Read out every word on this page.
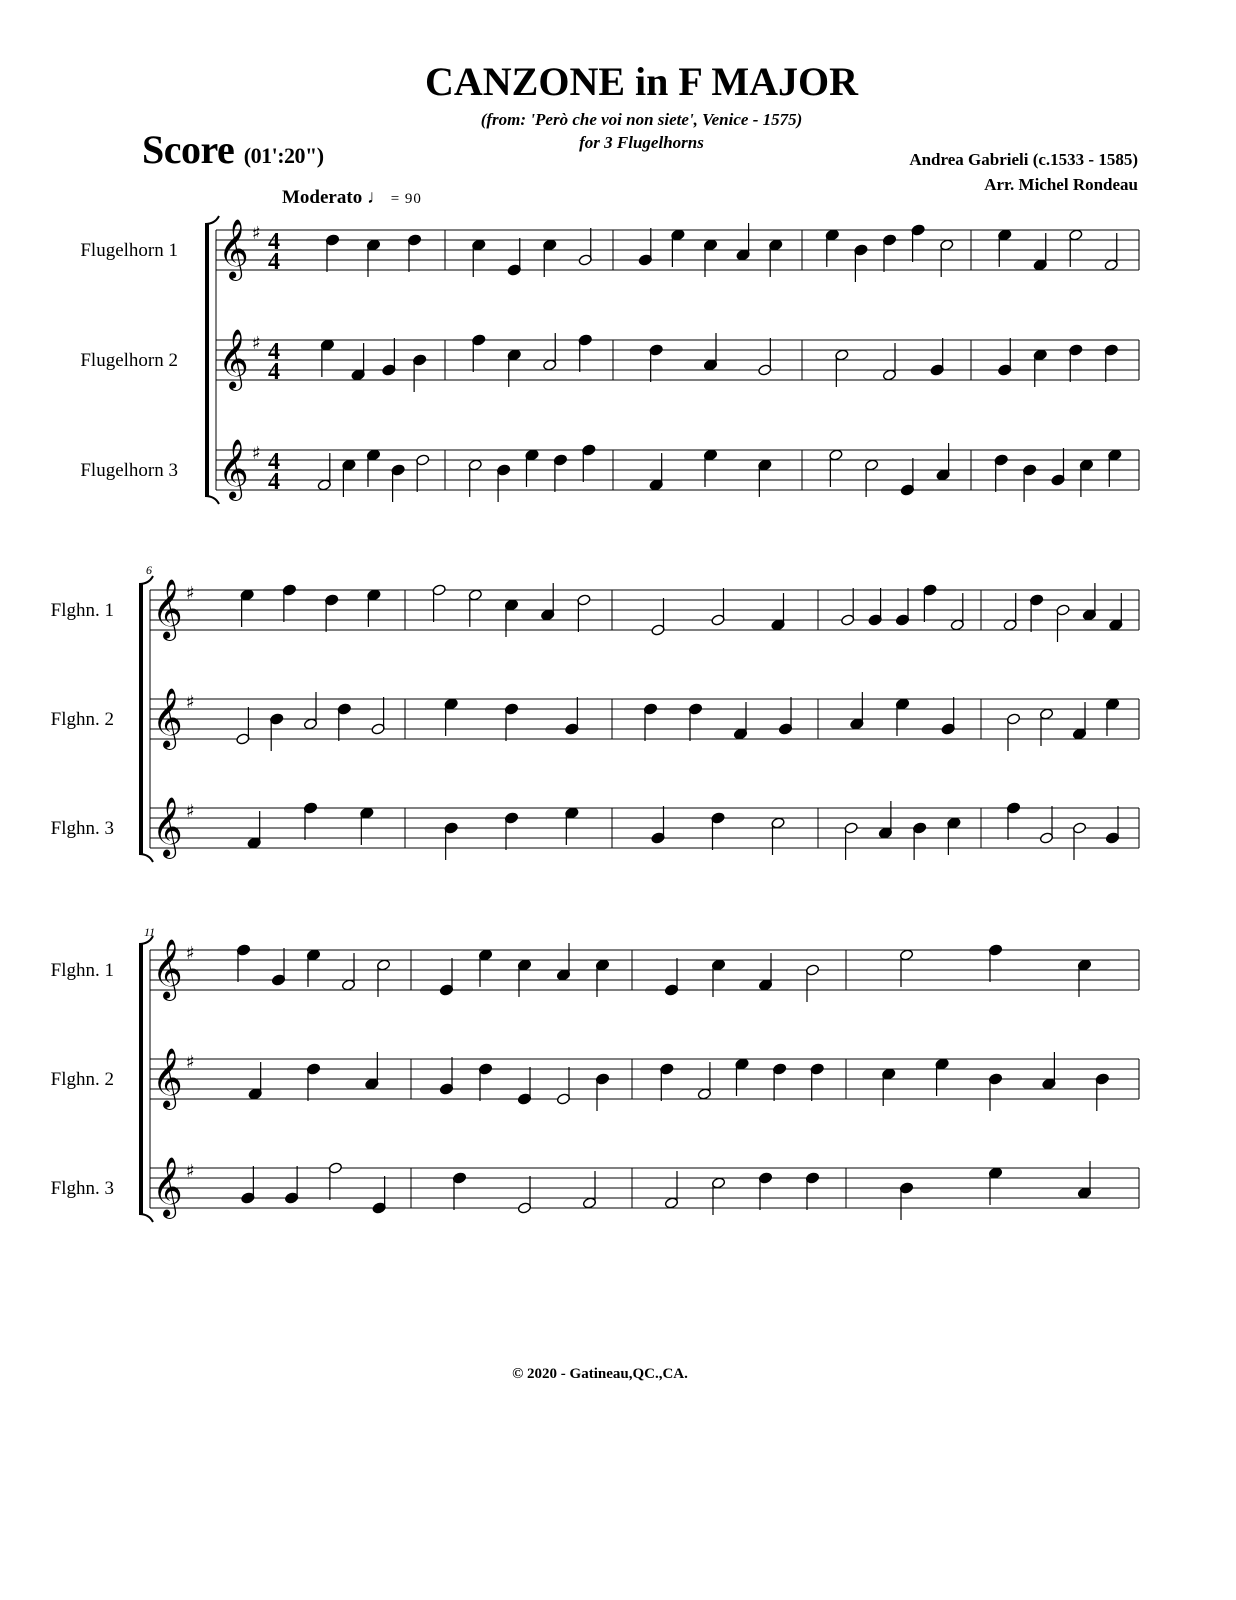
CANZONE in F MAJOR
(from: 'Però che voi non siete', Venice - 1575)
for 3 Flugelhorns
Score (01':20")	Andrea Gabrieli (c.1533 - 1585)
Arr. Michel Rondeau
Moderato ♩ = 90
Flugelhorn 1
Flugelhorn 2
Flugelhorn 3
6
Flghn. 1
Flghn. 2
Flghn. 3
11
Flghn. 1
Flghn. 2
Flghn. 3
𝄞 ♯ 4
4
𝄞 ♯ 4
4
𝄞 ♯ 4
4
𝄞 ♯
𝄞 ♯
𝄞 ♯
𝄞 ♯
𝄞 ♯
𝄞 ♯
© 2020 - Gatineau,QC.,CA.
